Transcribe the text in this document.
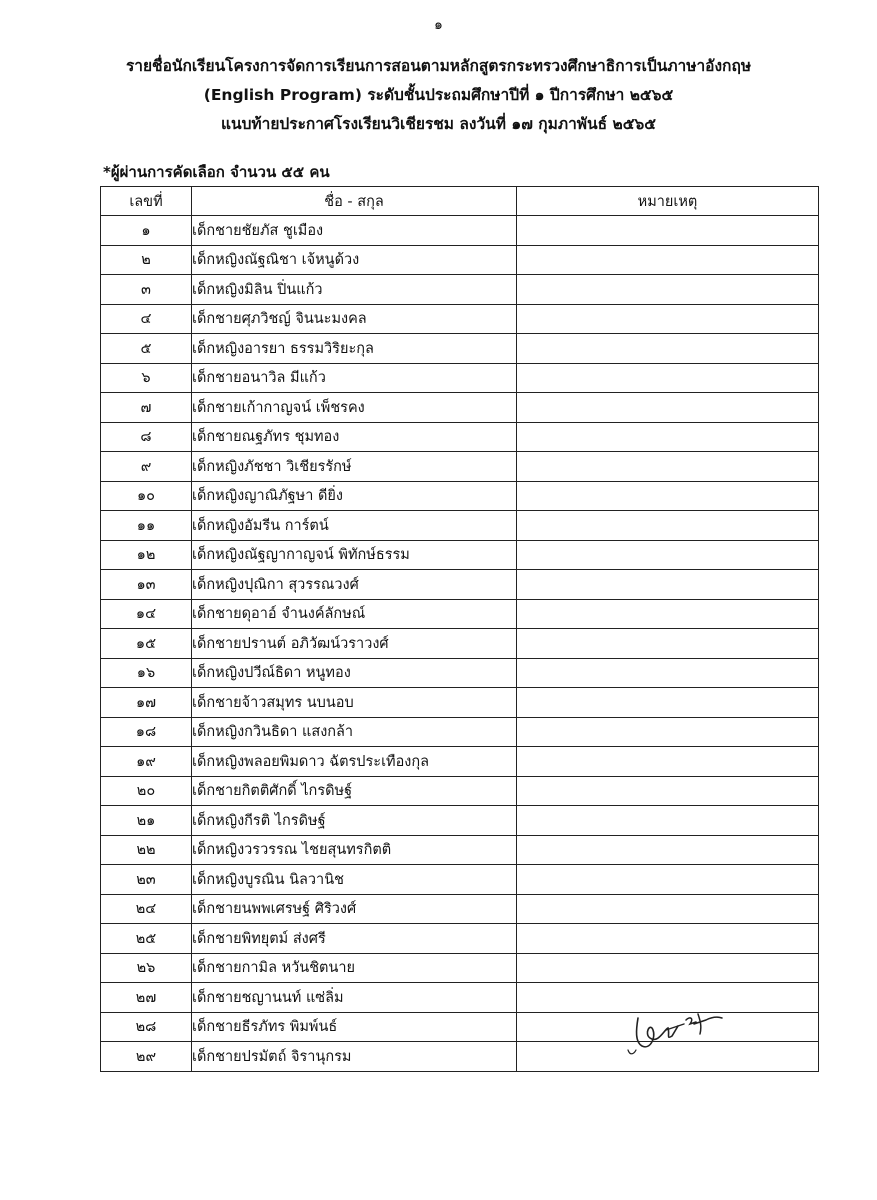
๑
รายชื่อนักเรียนโครงการจัดการเรียนการสอนตามหลักสูตรกระทรวงศึกษาธิการเป็นภาษาอังกฤษ
(English Program) ระดับชั้นประถมศึกษาปีที่ ๑ ปีการศึกษา ๒๕๖๕
แนบท้ายประกาศโรงเรียนวิเชียรชม ลงวันที่ ๑๗ กุมภาพันธ์ ๒๕๖๕
*ผู้ผ่านการคัดเลือก จำนวน ๕๕ คน
เลขที่	ชื่อ - สกุล	หมายเหตุ
๑	เด็กชายชัยภัส ชูเมือง	
๒	เด็กหญิงณัฐณิชา เจ้หนูด้วง	
๓	เด็กหญิงมิลิน ปิ่นแก้ว	
๔	เด็กชายศุภวิชญ์ จินนะมงคล	
๕	เด็กหญิงอารยา ธรรมวิริยะกุล	
๖	เด็กชายอนาวิล มีแก้ว	
๗	เด็กชายเก้ากาญจน์ เพ็ชรคง	
๘	เด็กชายณฐภัทร ชุมทอง	
๙	เด็กหญิงภัชชา วิเชียรรักษ์	
๑๐	เด็กหญิงญาณิภัฐษา ดียิ่ง	
๑๑	เด็กหญิงอัมรีน การ์ตน์	
๑๒	เด็กหญิงณัฐญากาญจน์ พิทักษ์ธรรม	
๑๓	เด็กหญิงปุณิกา สุวรรณวงศ์	
๑๔	เด็กชายดุอาอ์ จำนงค์ลักษณ์	
๑๕	เด็กชายปรานต์ อภิวัฒน์วราวงศ์	
๑๖	เด็กหญิงปวีณ์ธิดา หนูทอง	
๑๗	เด็กชายจ้าวสมุทร นบนอบ	
๑๘	เด็กหญิงกวินธิดา แสงกล้า	
๑๙	เด็กหญิงพลอยพิมดาว ฉัตรประเทืองกุล	
๒๐	เด็กชายกิตติศักดิ์ ไกรดิษฐ์	
๒๑	เด็กหญิงกีรติ ไกรดิษฐ์	
๒๒	เด็กหญิงวรวรรณ ไชยสุนทรกิตติ	
๒๓	เด็กหญิงบูรณิน นิลวานิช	
๒๔	เด็กชายนพพเศรษฐ์ ศิริวงศ์	
๒๕	เด็กชายพิทยุตม์ ส่งศรี	
๒๖	เด็กชายกามิล หวันชิตนาย	
๒๗	เด็กชายชญานนท์ แซ่ลิ่ม	
๒๘	เด็กชายธีรภัทร พิมพ์นธ์	
๒๙	เด็กชายปรมัตถ์ จิรานุกรม	
